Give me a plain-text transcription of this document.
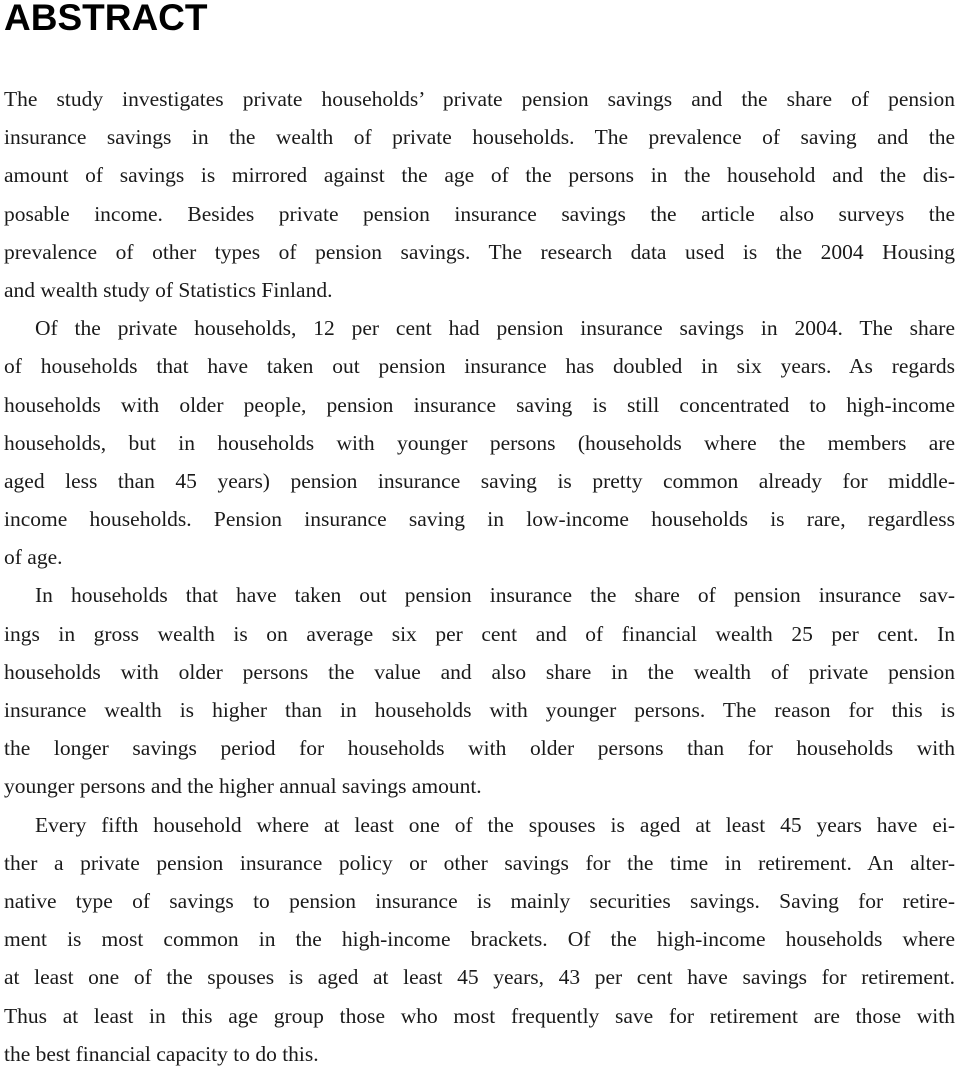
ABSTRACT
The study investigates private households’ private pension savings and the share of pension
insurance savings in the wealth of private households. The prevalence of saving and the
amount of savings is mirrored against the age of the persons in the household and the dis-
posable income. Besides private pension insurance savings the article also surveys the
prevalence of other types of pension savings. The research data used is the 2004 Housing
and wealth study of Statistics Finland.
Of the private households, 12 per cent had pension insurance savings in 2004. The share
of households that have taken out pension insurance has doubled in six years. As regards
households with older people, pension insurance saving is still concentrated to high-income
households, but in households with younger persons (households where the members are
aged less than 45 years) pension insurance saving is pretty common already for middle-
income households. Pension insurance saving in low-income households is rare, regardless
of age.
In households that have taken out pension insurance the share of pension insurance sav-
ings in gross wealth is on average six per cent and of financial wealth 25 per cent. In
households with older persons the value and also share in the wealth of private pension
insurance wealth is higher than in households with younger persons. The reason for this is
the longer savings period for households with older persons than for households with
younger persons and the higher annual savings amount.
Every fifth household where at least one of the spouses is aged at least 45 years have ei-
ther a private pension insurance policy or other savings for the time in retirement. An alter-
native type of savings to pension insurance is mainly securities savings. Saving for retire-
ment is most common in the high-income brackets. Of the high-income households where
at least one of the spouses is aged at least 45 years, 43 per cent have savings for retirement.
Thus at least in this age group those who most frequently save for retirement are those with
the best financial capacity to do this.
